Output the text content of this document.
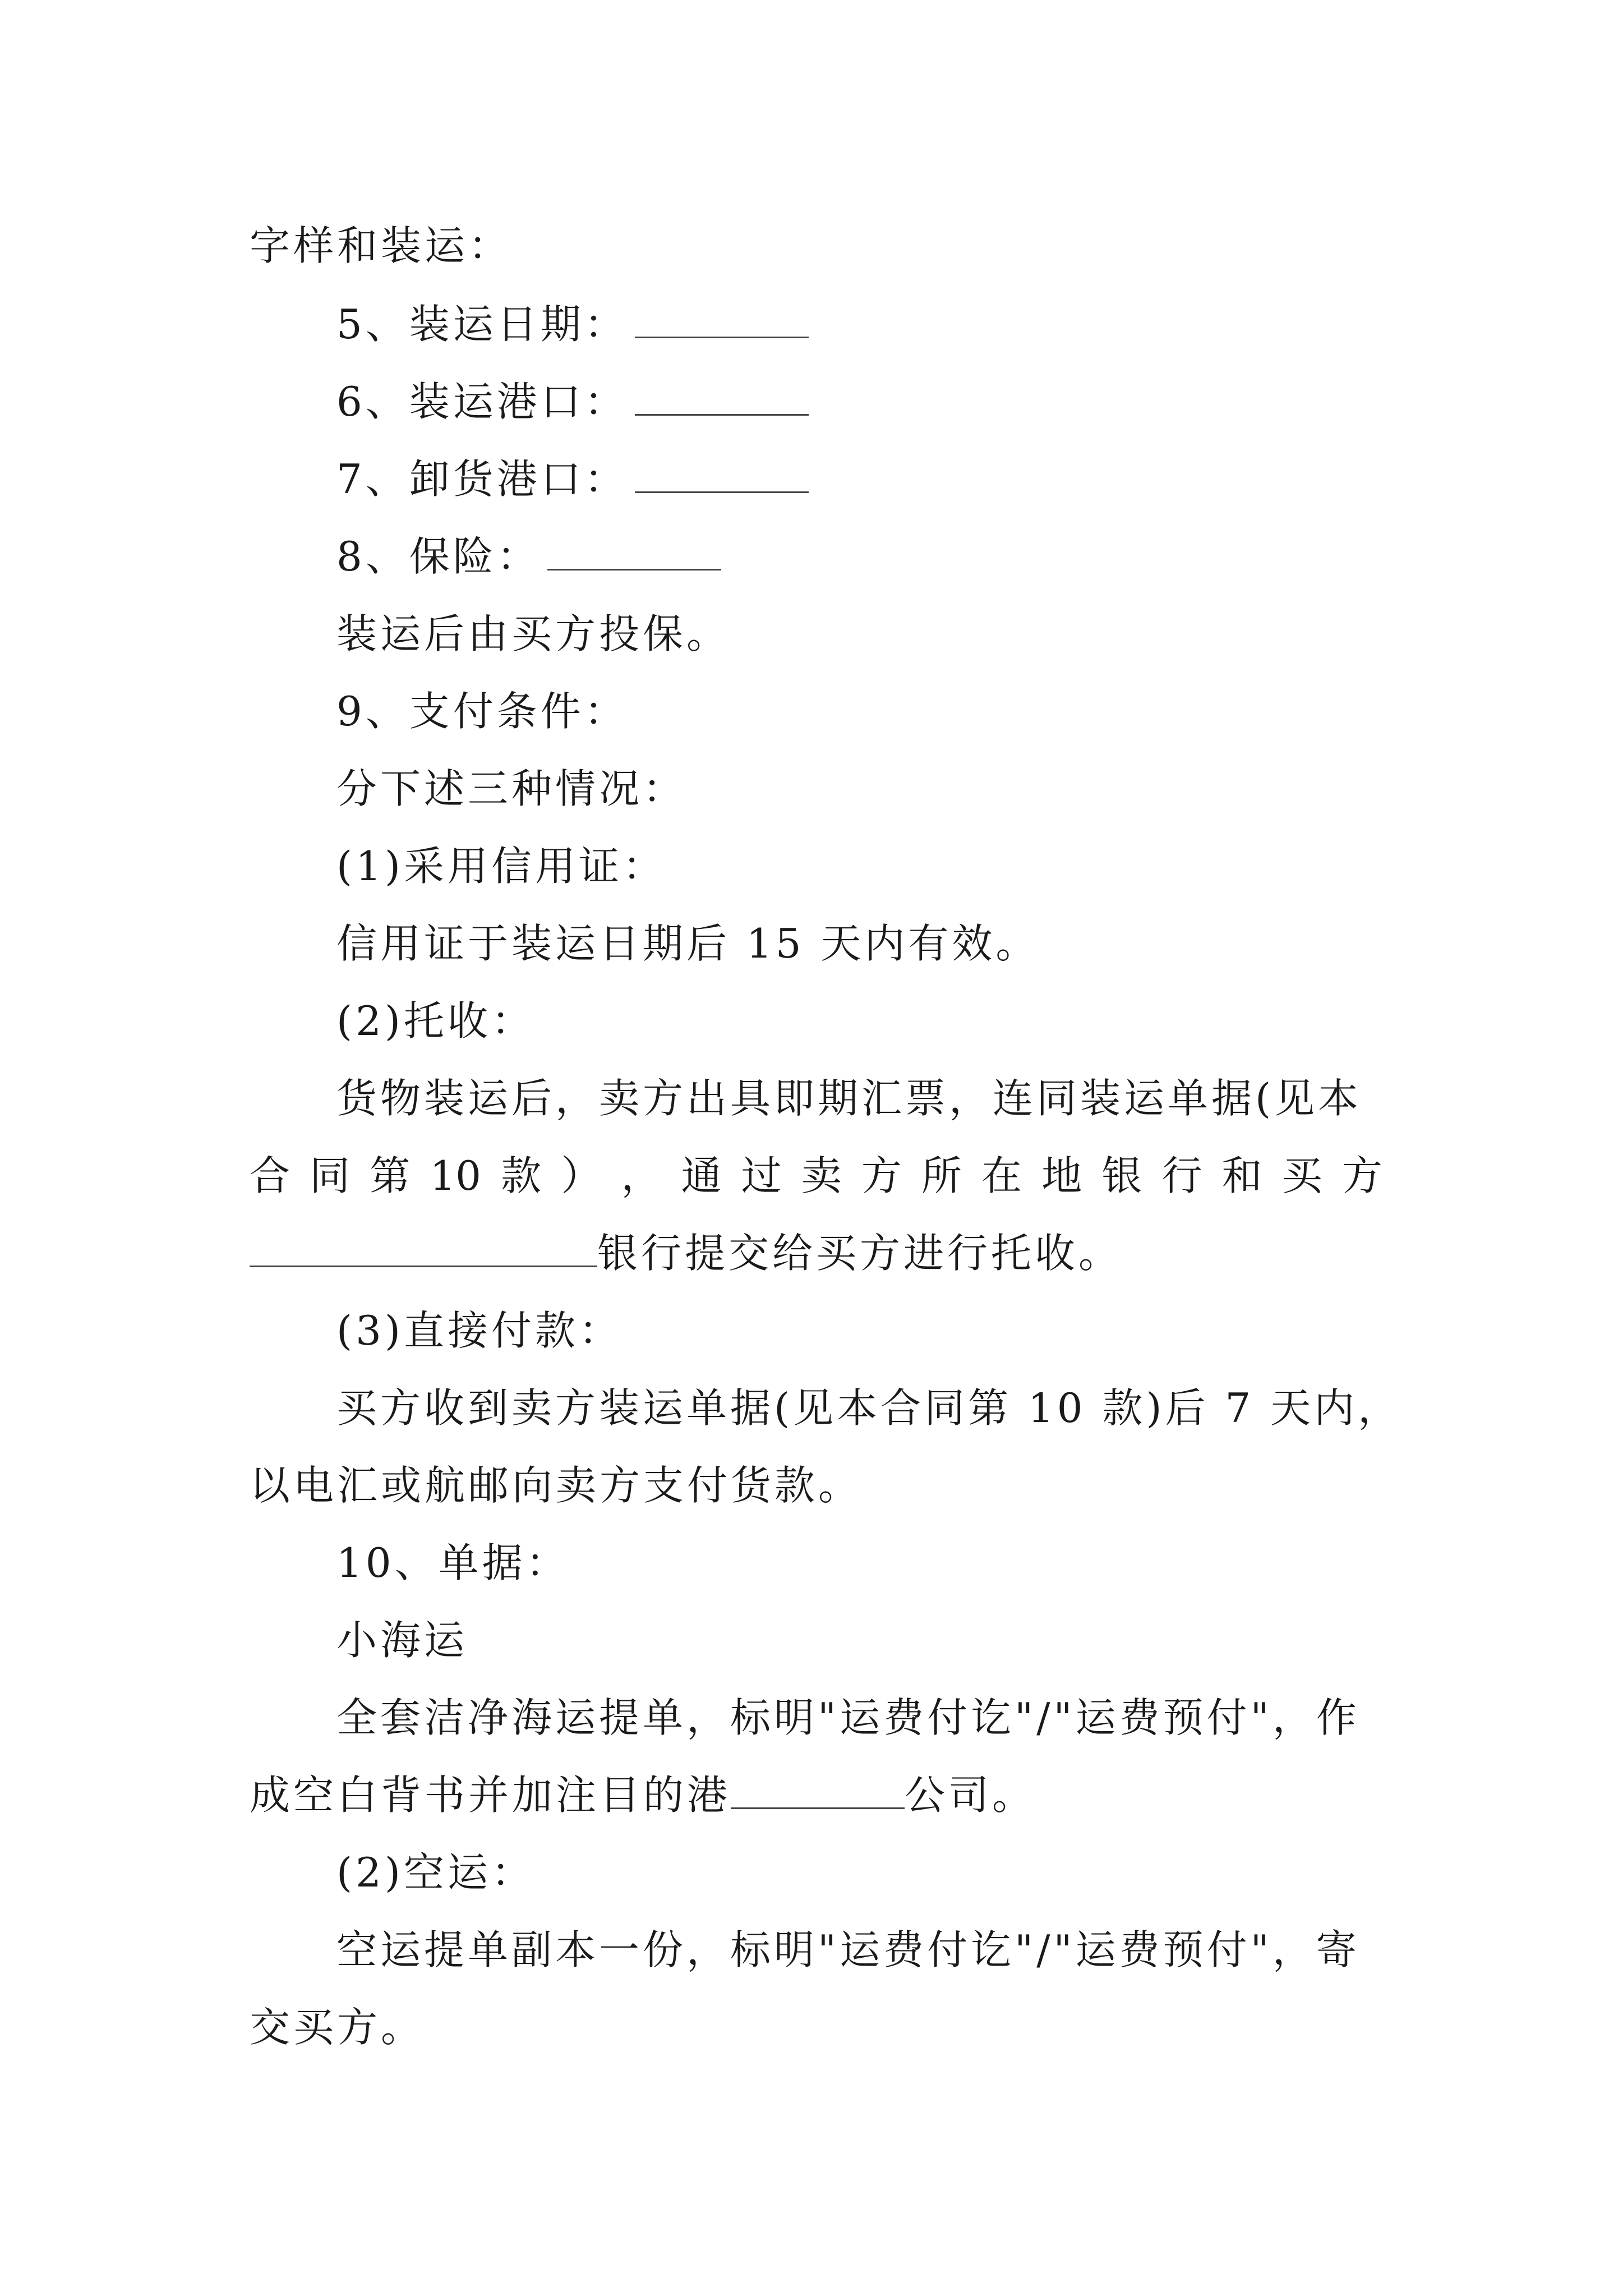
字样和装运：
5、装运日期：
6、装运港口：
7、卸货港口：
8、保险：
装运后由买方投保。
9、支付条件：
分下述三种情况：
(1)采用信用证：
信用证于装运日期后 15 天内有效。
(2)托收：
货物装运后，卖方出具即期汇票，连同装运单据(见本
合 同 第 10 款 ） ， 通 过 卖 方 所 在 地 银 行 和 买 方
银行提交给买方进行托收。
(3)直接付款：
买方收到卖方装运单据(见本合同第 10 款)后 7 天内，
以电汇或航邮向卖方支付货款。
10、单据：
小海运
全套洁净海运提单，标明"运费付讫"/"运费预付"，作
成空白背书并加注目的港	公司。
(2)空运：
空运提单副本一份，标明"运费付讫"/"运费预付"，寄
交买方。
